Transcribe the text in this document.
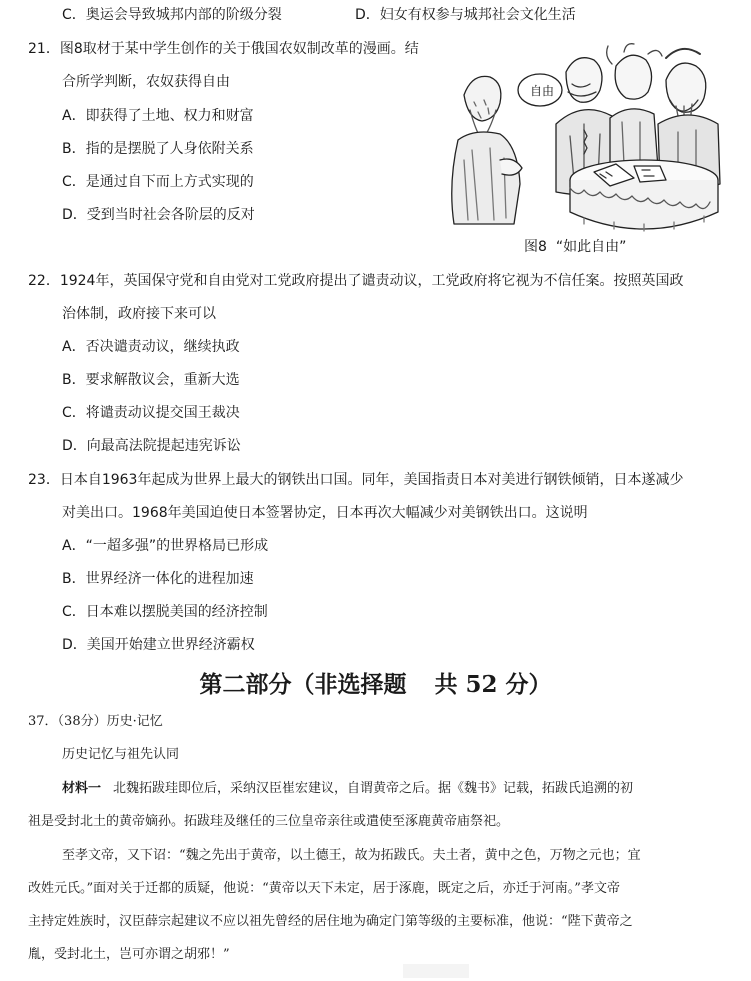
C．奥运会导致城邦内部的阶级分裂	D．妇女有权参与城邦社会文化生活
21．图8取材于某中学生创作的关于俄国农奴制改革的漫画。结
合所学判断，农奴获得自由
A．即获得了土地、权力和财富
B．指的是摆脱了人身依附关系
C．是通过自下而上方式实现的
D．受到当时社会各阶层的反对
自由
图8 “如此自由”
22．1924年，英国保守党和自由党对工党政府提出了谴责动议，工党政府将它视为不信任案。按照英国政
治体制，政府接下来可以
A．否决谴责动议，继续执政
B．要求解散议会，重新大选
C．将谴责动议提交国王裁决
D．向最高法院提起违宪诉讼
23．日本自1963年起成为世界上最大的钢铁出口国。同年，美国指责日本对美进行钢铁倾销，日本遂减少
对美出口。1968年美国迫使日本签署协定，日本再次大幅减少对美钢铁出口。这说明
A．“一超多强”的世界格局已形成
B．世界经济一体化的进程加速
C．日本难以摆脱美国的经济控制
D．美国开始建立世界经济霸权
第二部分（非选择题 共 52 分）
37．（38分）历史·记忆
历史记忆与祖先认同
材料一 北魏拓跋珪即位后，采纳汉臣崔宏建议，自谓黄帝之后。据《魏书》记载，拓跋氏追溯的初
祖是受封北土的黄帝嫡孙。拓跋珪及继任的三位皇帝亲往或遣使至涿鹿黄帝庙祭祀。
至孝文帝，又下诏：“魏之先出于黄帝，以土德王，故为拓跋氏。夫土者，黄中之色，万物之元也；宜
改姓元氏。”面对关于迁都的质疑，他说：“黄帝以天下未定，居于涿鹿，既定之后，亦迁于河南。”孝文帝
主持定姓族时，汉臣薛宗起建议不应以祖先曾经的居住地为确定门第等级的主要标准，他说：“陛下黄帝之
胤，受封北土，岂可亦谓之胡邪！”
